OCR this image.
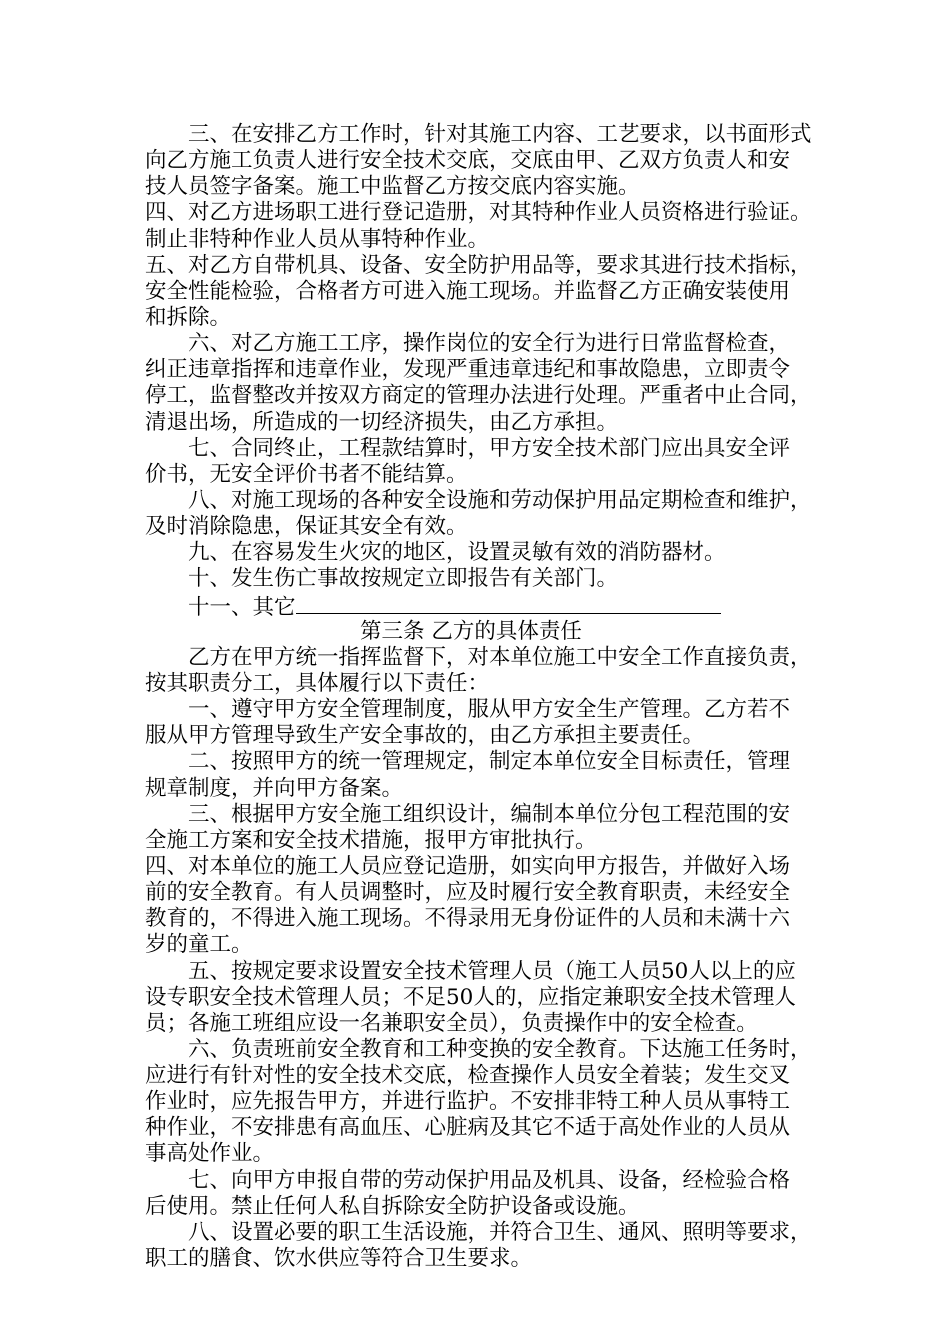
三、在安排乙方工作时，针对其施工内容、工艺要求，以书面形式
向乙方施工负责人进行安全技术交底，交底由甲、乙双方负责人和安
技人员签字备案。施工中监督乙方按交底内容实施。
四、对乙方进场职工进行登记造册，对其特种作业人员资格进行验证。
制止非特种作业人员从事特种作业。
五、对乙方自带机具、设备、安全防护用品等，要求其进行技术指标，
安全性能检验，合格者方可进入施工现场。并监督乙方正确安装使用
和拆除。
六、对乙方施工工序，操作岗位的安全行为进行日常监督检查，
纠正违章指挥和违章作业，发现严重违章违纪和事故隐患，立即责令
停工，监督整改并按双方商定的管理办法进行处理。严重者中止合同，
清退出场，所造成的一切经济损失，由乙方承担。
七、合同终止，工程款结算时，甲方安全技术部门应出具安全评
价书，无安全评价书者不能结算。
八、对施工现场的各种安全设施和劳动保护用品定期检查和维护，
及时消除隐患，保证其安全有效。
九、在容易发生火灾的地区，设置灵敏有效的消防器材。
十、发生伤亡事故按规定立即报告有关部门。
十一、其它
第三条 乙方的具体责任
乙方在甲方统一指挥监督下，对本单位施工中安全工作直接负责，
按其职责分工，具体履行以下责任：
一、遵守甲方安全管理制度，服从甲方安全生产管理。乙方若不
服从甲方管理导致生产安全事故的，由乙方承担主要责任。
二、按照甲方的统一管理规定，制定本单位安全目标责任，管理
规章制度，并向甲方备案。
三、根据甲方安全施工组织设计，编制本单位分包工程范围的安
全施工方案和安全技术措施，报甲方审批执行。
四、对本单位的施工人员应登记造册，如实向甲方报告，并做好入场
前的安全教育。有人员调整时，应及时履行安全教育职责，未经安全
教育的，不得进入施工现场。不得录用无身份证件的人员和未满十六
岁的童工。
五、按规定要求设置安全技术管理人员（施工人员50人以上的应
设专职安全技术管理人员；不足50人的，应指定兼职安全技术管理人
员；各施工班组应设一名兼职安全员），负责操作中的安全检查。
六、负责班前安全教育和工种变换的安全教育。下达施工任务时，
应进行有针对性的安全技术交底，检查操作人员安全着装；发生交叉
作业时，应先报告甲方，并进行监护。不安排非特工种人员从事特工
种作业，不安排患有高血压、心脏病及其它不适于高处作业的人员从
事高处作业。
七、向甲方申报自带的劳动保护用品及机具、设备，经检验合格
后使用。禁止任何人私自拆除安全防护设备或设施。
八、设置必要的职工生活设施，并符合卫生、通风、照明等要求，
职工的膳食、饮水供应等符合卫生要求。
